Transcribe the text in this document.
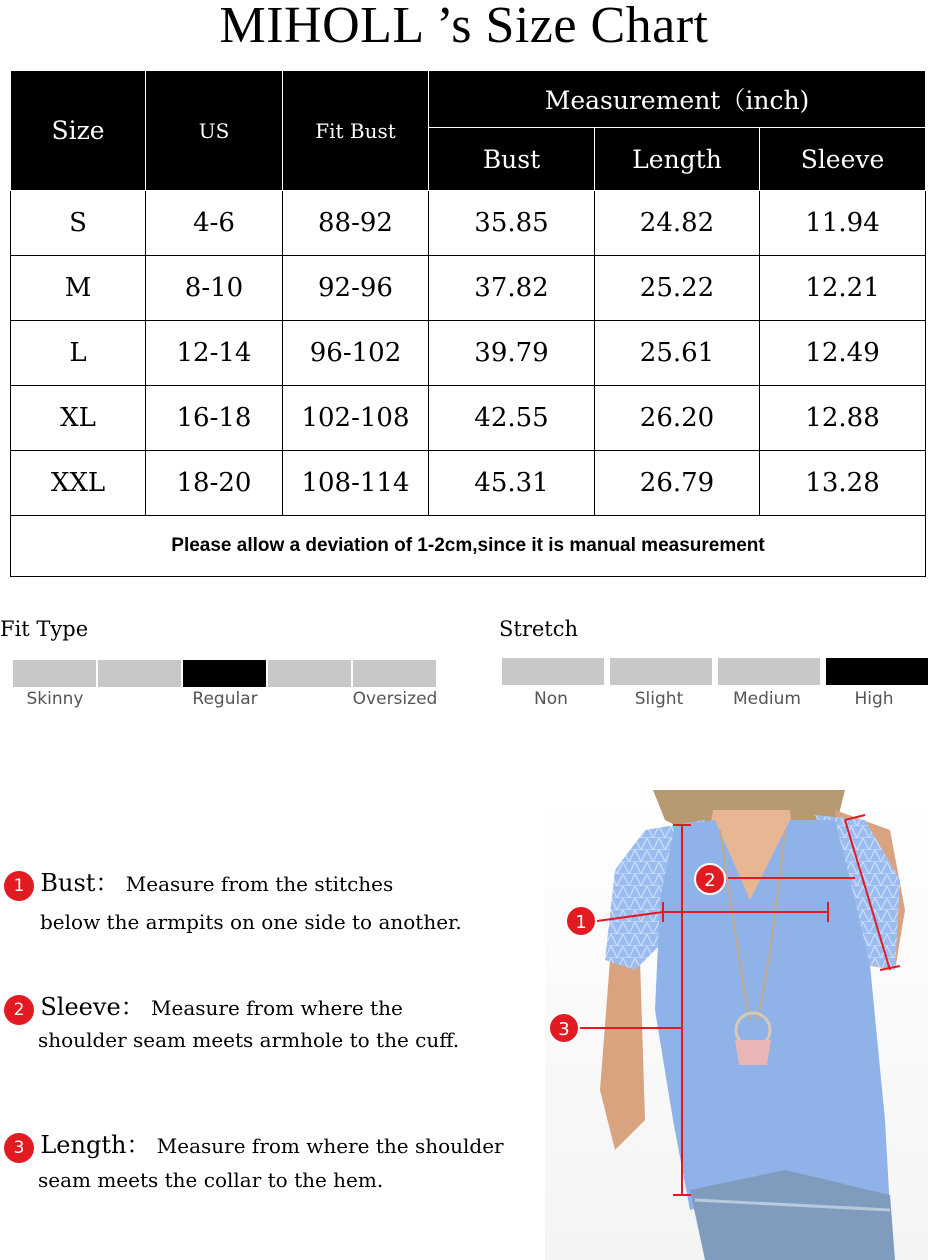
MIHOLL ’s Size Chart
Size	US	Fit Bust	Measurement（inch)		
			Bust	Length	Sleeve
S	4-6	88-92	35.85	24.82	11.94
M	8-10	92-96	37.82	25.22	12.21
L	12-14	96-102	39.79	25.61	12.49
XL	16-18	102-108	42.55	26.20	12.88
XXL	18-20	108-114	45.31	26.79	13.28
Please allow a deviation of 1-2cm,since it is manual measurement					
Fit Type
Skinny	Regular	Oversized
Stretch
Non	Slight	Medium	High
1 Bust： Measure from the stitches
below the armpits on one side to another.
2 Sleeve： Measure from where the
shoulder seam meets armhole to the cuff.
3 Length： Measure from where the shoulder
seam meets the collar to the hem.
1
2
3
